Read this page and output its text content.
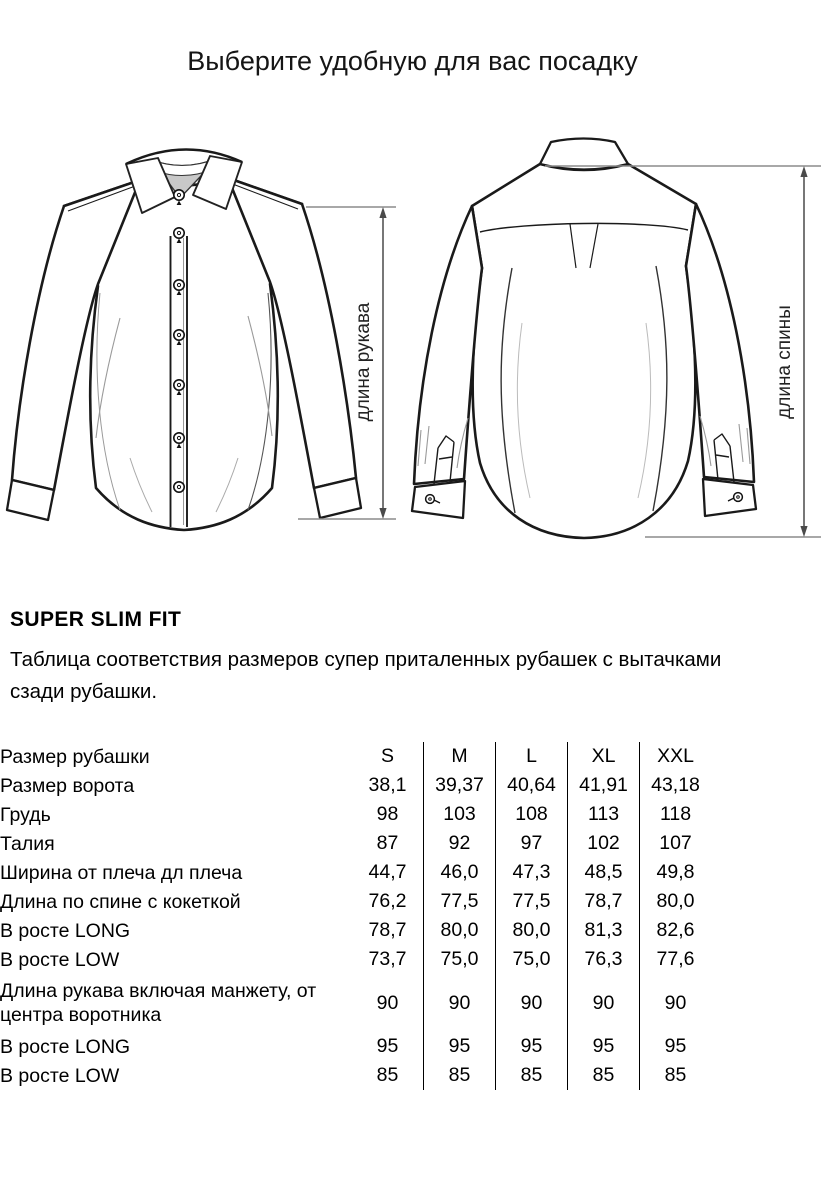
Выберите удобную для вас посадку
длина рукава	длина спины
SUPER SLIM FIT

Таблица соответствия размеров супер приталенных рубашек с вытачками
сзади рубашки.

Размер рубашки	S	M	L	XL	XXL
Размер ворота	38,1	39,37	40,64	41,91	43,18
Грудь	98	103	108	113	118
Талия	87	92	97	102	107
Ширина от плеча дл плеча	44,7	46,0	47,3	48,5	49,8
Длина по спине с кокеткой	76,2	77,5	77,5	78,7	80,0
В росте LONG	78,7	80,0	80,0	81,3	82,6
В росте LOW	73,7	75,0	75,0	76,3	77,6
Длина рукава включая манжету, от центра воротника	90	90	90	90	90
В росте LONG	95	95	95	95	95
В росте LOW	85	85	85	85	85
